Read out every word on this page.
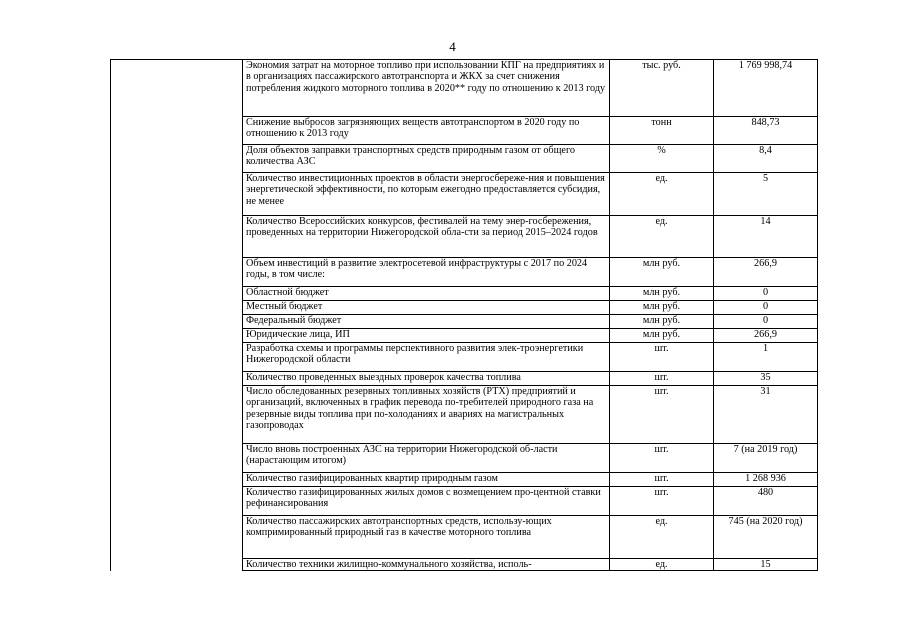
4
	Экономия затрат на моторное топливо при использовании КПГ на предприятиях и в организациях пассажирского автотранспорта и ЖКХ за счет снижения потребления жидкого моторного топлива в 2020** году по отношению к 2013 году	тыс. руб.	1 769 998,74
	Снижение выбросов загрязняющих веществ автотранспортом в 2020 году по отношению к 2013 году	тонн	848,73
	Доля объектов заправки транспортных средств природным газом от общего количества АЗС	%	8,4
	Количество инвестиционных проектов в области энергосбереже-ния и повышения энергетической эффективности, по которым ежегодно предоставляется субсидия, не менее	ед.	5
	Количество Всероссийских конкурсов, фестивалей на тему энер-госбережения, проведенных на территории Нижегородской обла-сти за период 2015–2024 годов	ед.	14
	Объем инвестиций в развитие электросетевой инфраструктуры с 2017 по 2024 годы, в том числе:	млн руб.	266,9
	Областной бюджет	млн руб.	0
	Местный бюджет	млн руб.	0
	Федеральный бюджет	млн руб.	0
	Юридические лица, ИП	млн руб.	266,9
	Разработка схемы и программы перспективного развития элек-троэнергетики Нижегородской области	шт.	1
	Количество проведенных выездных проверок качества топлива	шт.	35
	Число обследованных резервных топливных хозяйств (РТХ) предприятий и организаций, включенных в график перевода по-требителей природного газа на резервные виды топлива при по-холоданиях и авариях на магистральных газопроводах	шт.	31
	Число вновь построенных АЗС на территории Нижегородской об-ласти (нарастающим итогом)	шт.	7 (на 2019 год)
	Количество газифицированных квартир природным газом	шт.	1 268 936
	Количество газифицированных жилых домов с возмещением про-центной ставки рефинансирования	шт.	480
	Количество пассажирских автотранспортных средств, использу-ющих компримированный природный газ в качестве моторного топлива	ед.	745 (на 2020 год)
	Количество техники жилищно-коммунального хозяйства, исполь-	ед.	15
